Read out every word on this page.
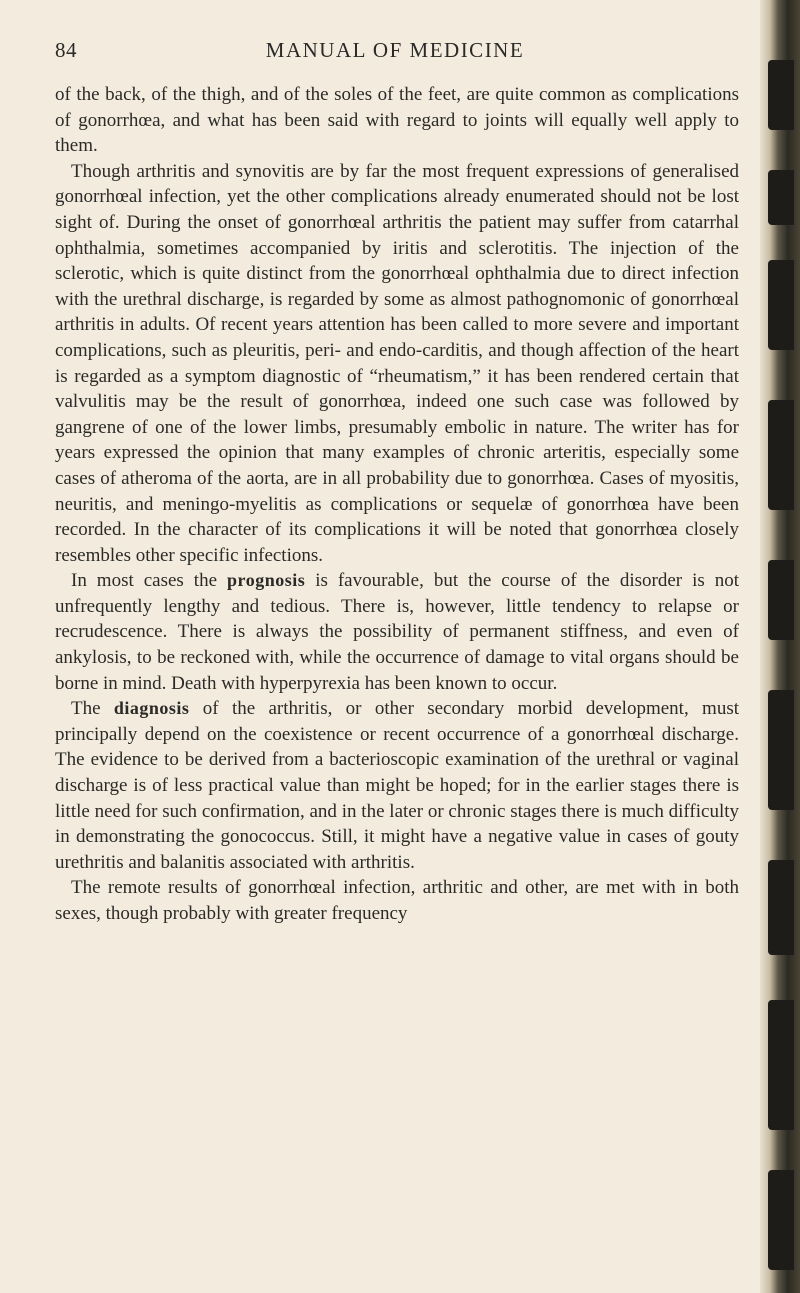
84	MANUAL OF MEDICINE

of the back, of the thigh, and of the soles of the feet, are quite common as complications of gonorrhœa, and what has been said with regard to joints will equally well apply to them.

Though arthritis and synovitis are by far the most frequent expressions of generalised gonorrhœal infection, yet the other complications already enumerated should not be lost sight of. During the onset of gonorrhœal arthritis the patient may suffer from catarrhal ophthalmia, sometimes accompanied by iritis and sclerotitis. The injection of the sclerotic, which is quite distinct from the gonorrhœal ophthalmia due to direct infection with the urethral discharge, is regarded by some as almost pathognomonic of gonorrhœal arthritis in adults. Of recent years attention has been called to more severe and important complications, such as pleuritis, peri- and endo-carditis, and though affection of the heart is regarded as a symptom diagnostic of “rheumatism,” it has been rendered certain that valvulitis may be the result of gonorrhœa, indeed one such case was followed by gangrene of one of the lower limbs, presumably embolic in nature. The writer has for years expressed the opinion that many examples of chronic arteritis, especially some cases of atheroma of the aorta, are in all probability due to gonorrhœa. Cases of myositis, neuritis, and meningo-myelitis as complications or sequelæ of gonorrhœa have been recorded. In the character of its complications it will be noted that gonorrhœa closely resembles other specific infections.

In most cases the prognosis is favourable, but the course of the disorder is not unfrequently lengthy and tedious. There is, however, little tendency to relapse or recrudescence. There is always the possibility of permanent stiffness, and even of ankylosis, to be reckoned with, while the occurrence of damage to vital organs should be borne in mind. Death with hyperpyrexia has been known to occur.

The diagnosis of the arthritis, or other secondary morbid development, must principally depend on the coexistence or recent occurrence of a gonorrhœal discharge. The evidence to be derived from a bacterioscopic examination of the urethral or vaginal discharge is of less practical value than might be hoped; for in the earlier stages there is little need for such confirmation, and in the later or chronic stages there is much difficulty in demonstrating the gonococcus. Still, it might have a negative value in cases of gouty urethritis and balanitis associated with arthritis.

The remote results of gonorrhœal infection, arthritic and other, are met with in both sexes, though probably with greater frequency
